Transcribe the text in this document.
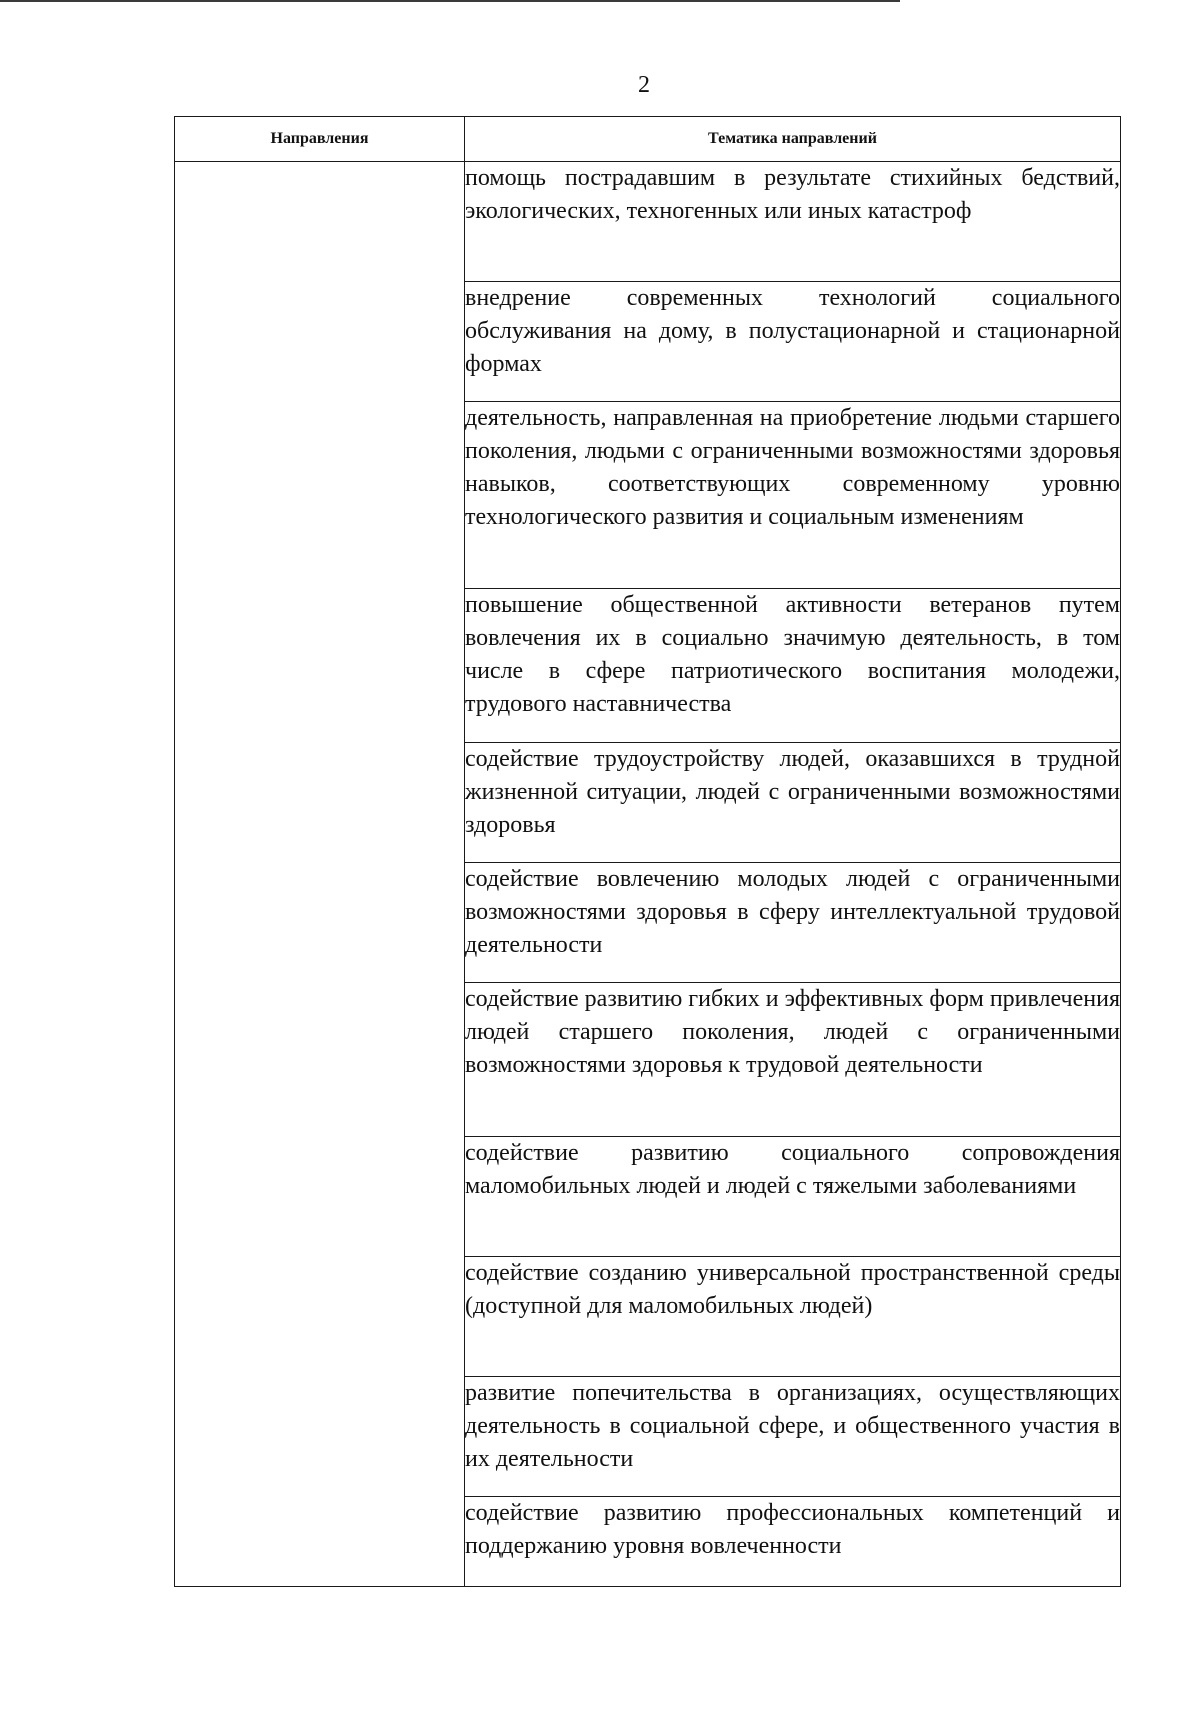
2
Направления	Тематика направлений
	помощь пострадавшим в результате стихийных бедствий, экологических, техногенных или иных катастроф
	внедрение современных технологий социального обслуживания на дому, в полустационарной и стационарной формах
	деятельность, направленная на приобретение людьми старшего поколения, людьми с ограниченными возможностями здоровья навыков, соответствующих современному уровню технологического развития и социальным изменениям
	повышение общественной активности ветеранов путем вовлечения их в социально значимую деятельность, в том числе в сфере патриотического воспитания молодежи, трудового наставничества
	содействие трудоустройству людей, оказавшихся в трудной жизненной ситуации, людей с ограниченными возможностями здоровья
	содействие вовлечению молодых людей с ограниченными возможностями здоровья в сферу интеллектуальной трудовой деятельности
	содействие развитию гибких и эффективных форм привлечения людей старшего поколения, людей с ограниченными возможностями здоровья к трудовой деятельности
	содействие развитию социального сопровождения маломобильных людей и людей с тяжелыми заболеваниями
	содействие созданию универсальной пространственной среды (доступной для маломобильных людей)
	развитие попечительства в организациях, осуществляющих деятельность в социальной сфере, и общественного участия в их деятельности
	содействие развитию профессиональных компетенций и поддержанию уровня вовлеченности
